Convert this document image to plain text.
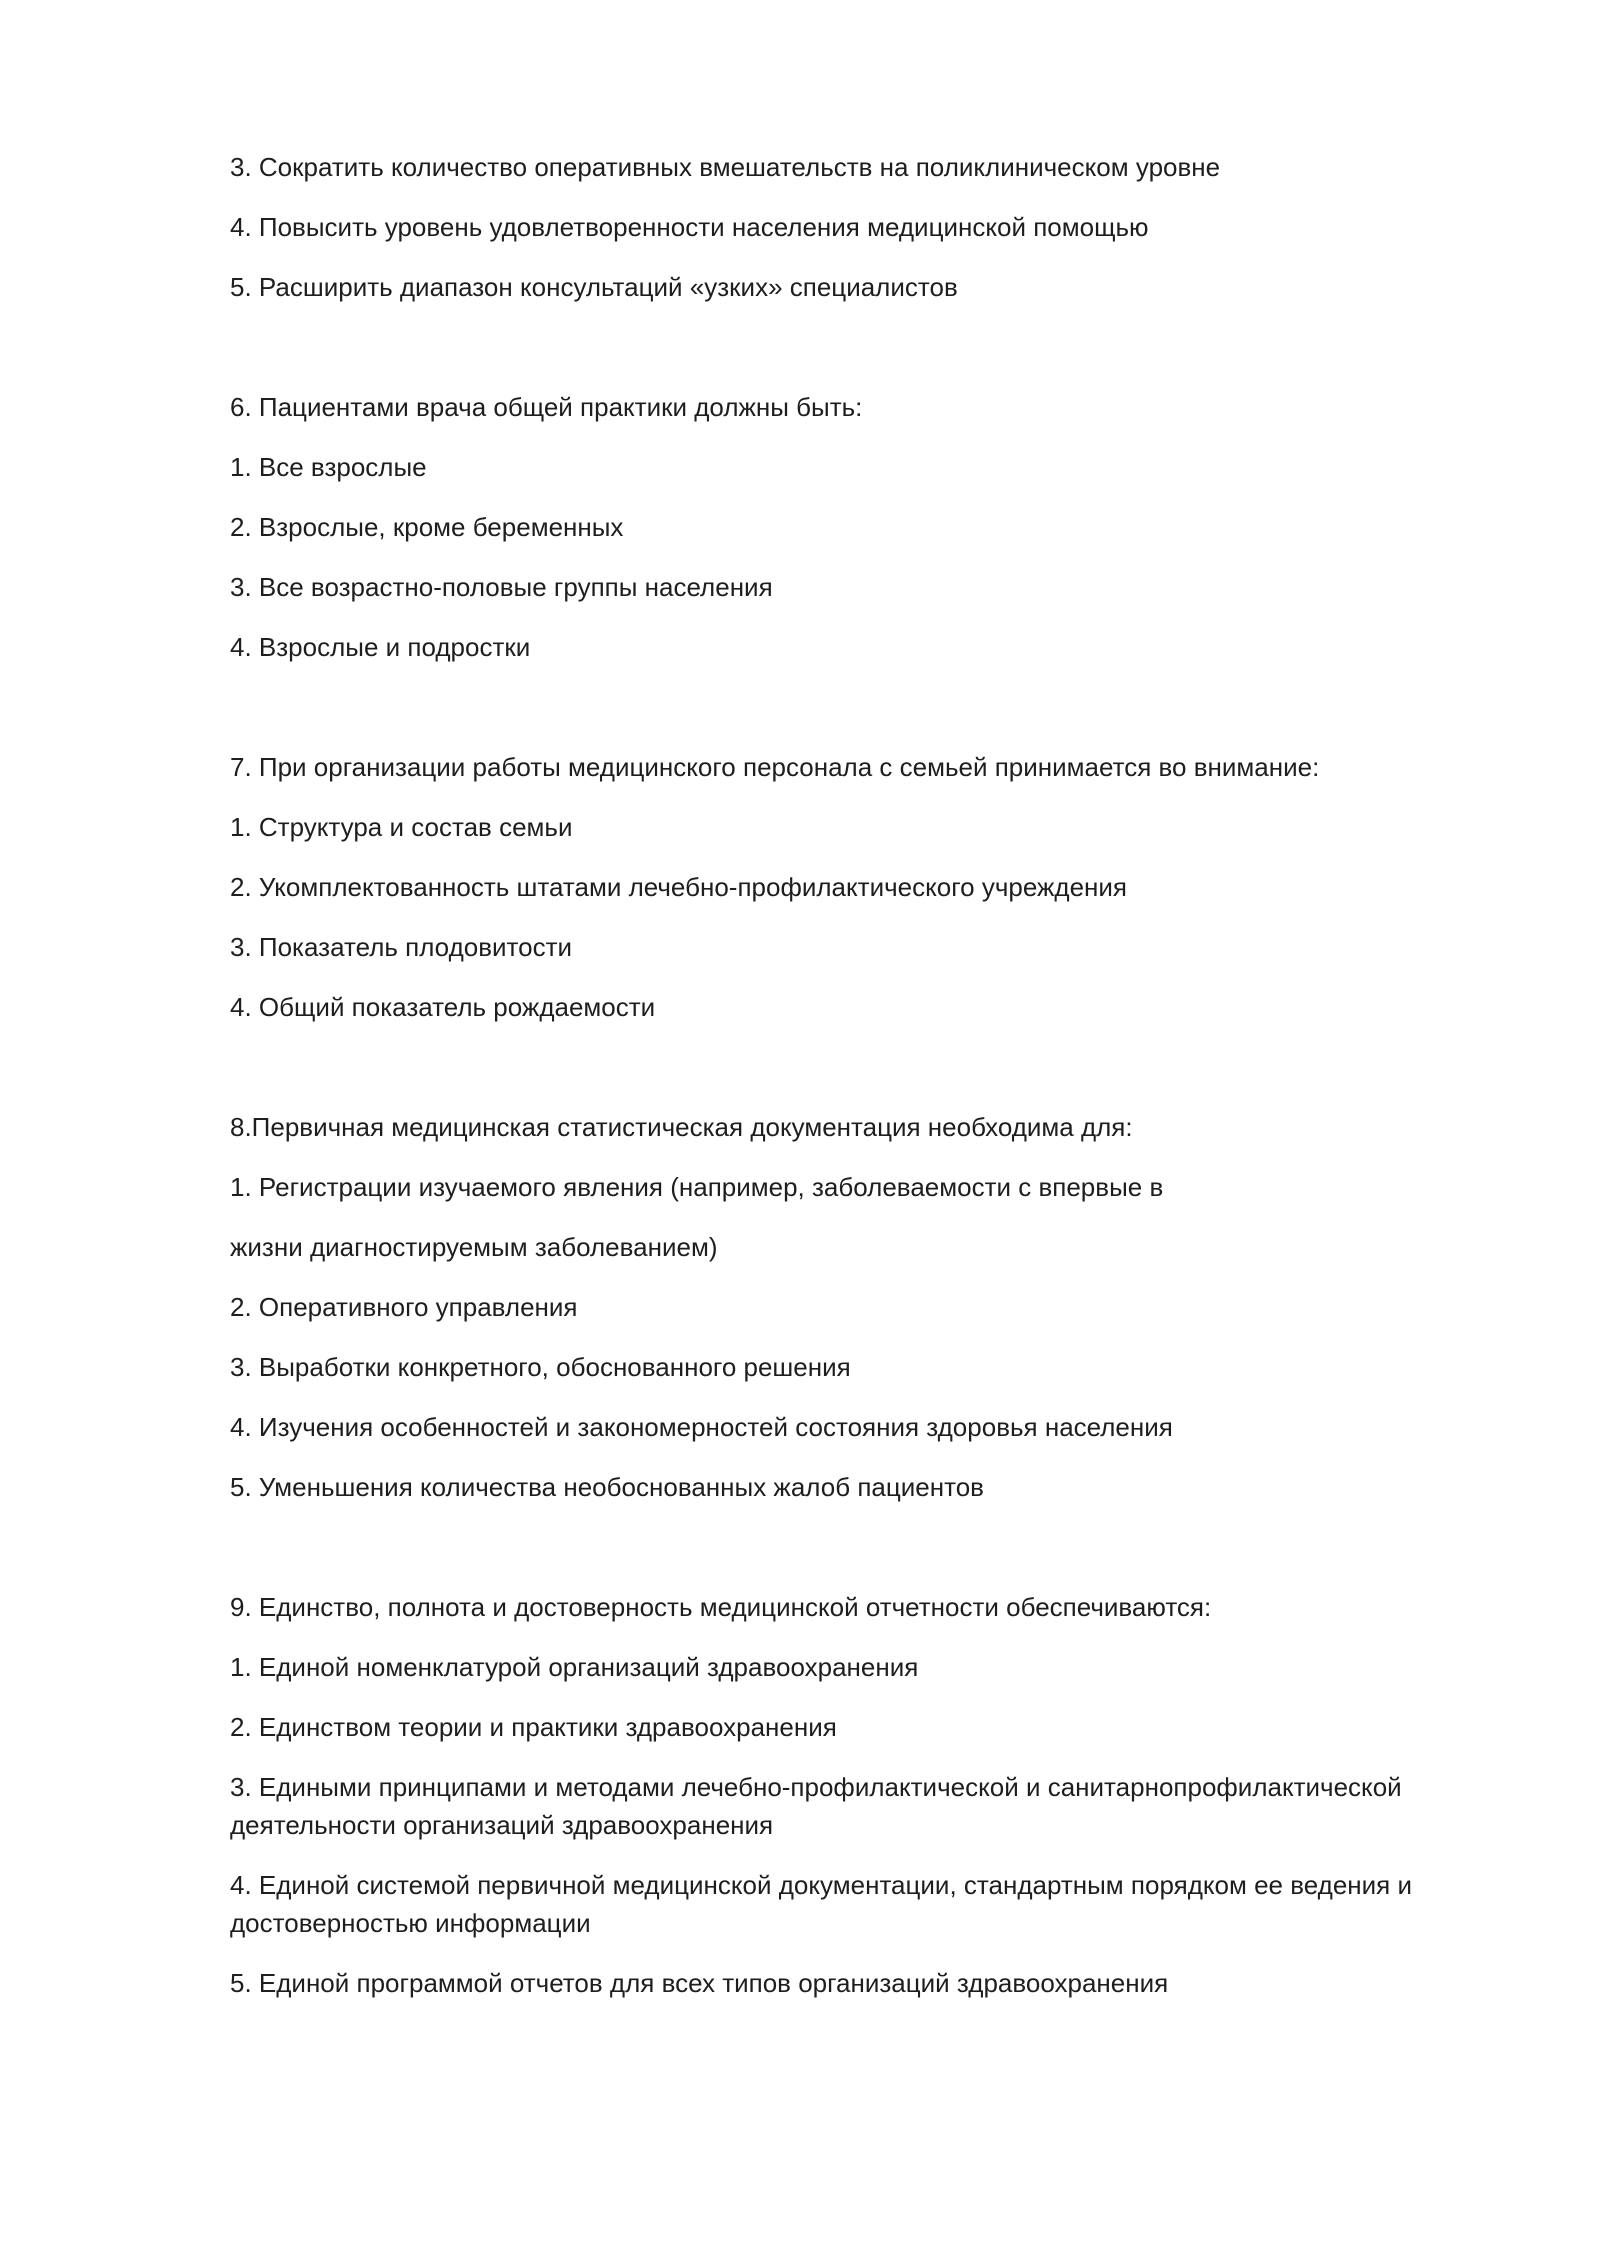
3. Сократить количество оперативных вмешательств на поликлиническом уровне
4. Повысить уровень удовлетворенности населения медицинской помощью
5. Расширить диапазон консультаций «узких» специалистов
6. Пациентами врача общей практики должны быть:
1. Все взрослые
2. Взрослые, кроме беременных
3. Все возрастно-половые группы населения
4. Взрослые и подростки
7. При организации работы медицинского персонала с семьей принимается во внимание:
1. Структура и состав семьи
2. Укомплектованность штатами лечебно-профилактического учреждения
3. Показатель плодовитости
4. Общий показатель рождаемости
8.Первичная медицинская статистическая документация необходима для:
1. Регистрации изучаемого явления (например, заболеваемости с впервые в
жизни диагностируемым заболеванием)
2. Оперативного управления
3. Выработки конкретного, обоснованного решения
4. Изучения особенностей и закономерностей состояния здоровья населения
5. Уменьшения количества необоснованных жалоб пациентов
9. Единство, полнота и достоверность медицинской отчетности обеспечиваются:
1. Единой номенклатурой организаций здравоохранения
2. Единством теории и практики здравоохранения
3. Едиными принципами и методами лечебно-профилактической и санитарнопрофилактической деятельности организаций здравоохранения
4. Единой системой первичной медицинской документации, стандартным порядком ее ведения и достоверностью информации
5. Единой программой отчетов для всех типов организаций здравоохранения
